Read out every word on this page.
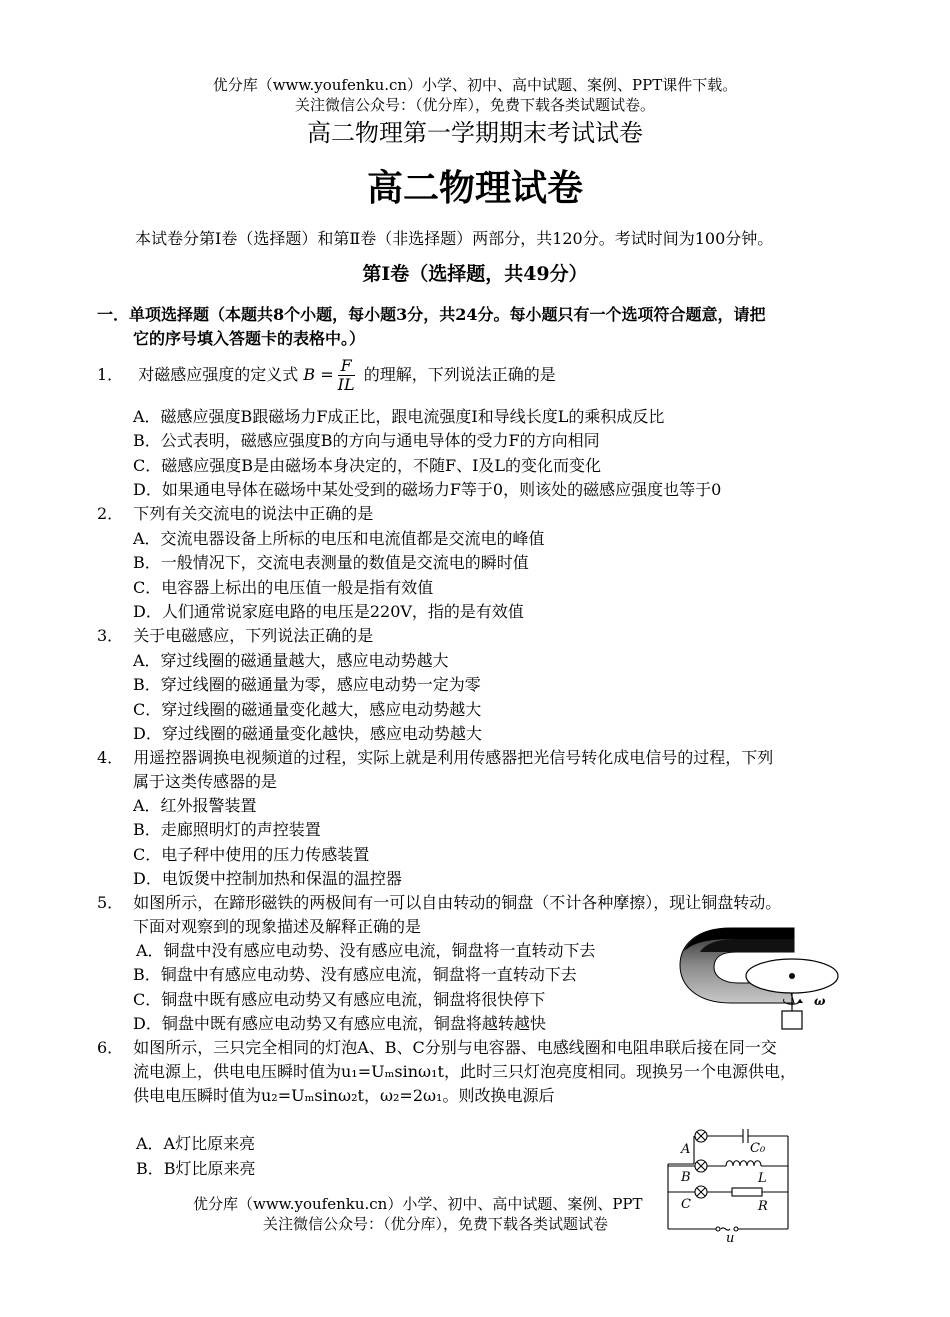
优分库（www.youfenku.cn）小学、初中、高中试题、案例、PPT课件下载。
关注微信公众号：（优分库），免费下载各类试题试卷。
高二物理第一学期期末考试试卷
高二物理试卷
本试卷分第Ⅰ卷（选择题）和第Ⅱ卷（非选择题）两部分，共120分。考试时间为100分钟。
第Ⅰ卷（选择题，共49分）
一．单项选择题（本题共8个小题，每小题3分，共24分。每小题只有一个选项符合题意，请把
它的序号填入答题卡的表格中。）
1． 对磁感应强度的定义式 $B = \frac{F}{IL}$ 的理解，下列说法正确的是
A．磁感应强度B跟磁场力F成正比，跟电流强度I和导线长度L的乘积成反比
B．公式表明，磁感应强度B的方向与通电导体的受力F的方向相同
C．磁感应强度B是由磁场本身决定的，不随F、I及L的变化而变化
D．如果通电导体在磁场中某处受到的磁场力F等于0，则该处的磁感应强度也等于0
2． 下列有关交流电的说法中正确的是
A．交流电器设备上所标的电压和电流值都是交流电的峰值
B．一般情况下，交流电表测量的数值是交流电的瞬时值
C．电容器上标出的电压值一般是指有效值
D．人们通常说家庭电路的电压是220V，指的是有效值
3． 关于电磁感应，下列说法正确的是
A．穿过线圈的磁通量越大，感应电动势越大
B．穿过线圈的磁通量为零，感应电动势一定为零
C．穿过线圈的磁通量变化越大，感应电动势越大
D．穿过线圈的磁通量变化越快，感应电动势越大
4． 用遥控器调换电视频道的过程，实际上就是利用传感器把光信号转化成电信号的过程，下列
属于这类传感器的是
A．红外报警装置
B．走廊照明灯的声控装置
C．电子秤中使用的压力传感装置
D．电饭煲中控制加热和保温的温控器
5． 如图所示，在蹄形磁铁的两极间有一可以自由转动的铜盘（不计各种摩擦），现让铜盘转动。
下面对观察到的现象描述及解释正确的是
A．铜盘中没有感应电动势、没有感应电流，铜盘将一直转动下去
B．铜盘中有感应电动势、没有感应电流，铜盘将一直转动下去
C．铜盘中既有感应电动势又有感应电流，铜盘将很快停下
D．铜盘中既有感应电动势又有感应电流，铜盘将越转越快
ω
6． 如图所示，三只完全相同的灯泡A、B、C分别与电容器、电感线圈和电阻串联后接在同一交
流电源上，供电电压瞬时值为u₁=Uₘsinω₁t，此时三只灯泡亮度相同。现换另一个电源供电，
供电电压瞬时值为u₂=Uₘsinω₂t，ω₂=2ω₁。则改换电源后
A．A灯比原来亮
B．B灯比原来亮
优分库（www.youfenku.cn）小学、初中、高中试题、案例、PPT
关注微信公众号：（优分库），免费下载各类试题试卷
A
B
C
C₀
L
R
u
